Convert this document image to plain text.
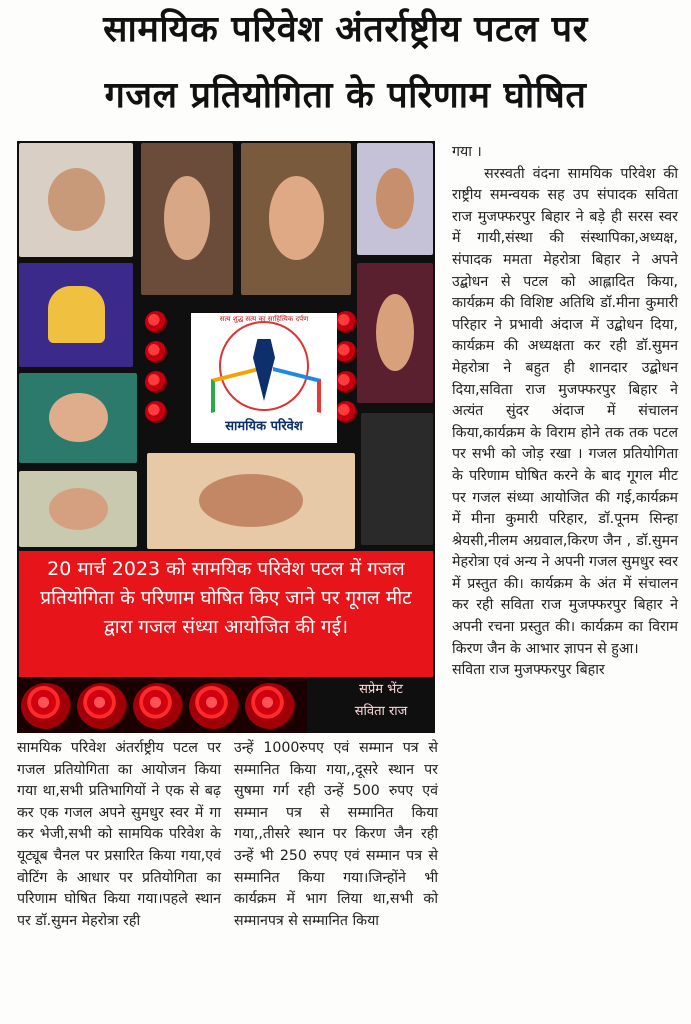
सामयिक परिवेश अंतर्राष्ट्रीय पटल पर
गजल प्रतियोगिता के परिणाम घोषित
सत्य शुद्ध सत्य का साहित्यिक दर्पण
सामयिक परिवेश
20 मार्च 2023 को सामयिक परिवेश पटल में गजल प्रतियोगिता के परिणाम घोषित किए जाने पर गूगल मीट द्वारा गजल संध्या आयोजित की गई।
सप्रेम भेंट
सविता राज
गया ।
सरस्वती वंदना सामयिक परिवेश की राष्ट्रीय समन्वयक सह उप संपादक सविता राज मुजफ्फरपुर बिहार ने बड़े ही सरस स्वर में गायी,संस्था की संस्थापिका,अध्यक्ष, संपादक ममता मेहरोत्रा बिहार ने अपने उद्बोधन से पटल को आह्लादित किया, कार्यक्रम की विशिष्ट अतिथि डॉ.मीना कुमारी परिहार ने प्रभावी अंदाज में उद्बोधन दिया, कार्यक्रम की अध्यक्षता कर रही डॉ.सुमन मेहरोत्रा ने बहुत ही शानदार उद्बोधन दिया,सविता राज मुजफ्फरपुर बिहार ने अत्यंत सुंदर अंदाज में संचालन किया,कार्यक्रम के विराम होने तक तक पटल पर सभी को जोड़ रखा । गजल प्रतियोगिता के परिणाम घोषित करने के बाद गूगल मीट पर गजल संध्या आयोजित की गई,कार्यक्रम में मीना कुमारी परिहार, डॉ.पूनम सिन्हा श्रेयसी,नीलम अग्रवाल,किरण जैन , डॉ.सुमन मेहरोत्रा एवं अन्य ने अपनी गजल सुमधुर स्वर में प्रस्तुत की। कार्यक्रम के अंत में संचालन कर रही सविता राज मुजफ्फरपुर बिहार ने अपनी रचना प्रस्तुत की। कार्यक्रम का विराम किरण जैन के आभार ज्ञापन से हुआ।
सविता राज मुजफ्फरपुर बिहार
सामयिक परिवेश अंतर्राष्ट्रीय पटल पर गजल प्रतियोगिता का आयोजन किया गया था,सभी प्रतिभागियों ने एक से बढ़ कर एक गजल अपने सुमधुर स्वर में गा कर भेजी,सभी को सामयिक परिवेश के यूट्यूब चैनल पर प्रसारित किया गया,एवं वोटिंग के आधार पर प्रतियोगिता का परिणाम घोषित किया गया।पहले स्थान पर डॉ.सुमन मेहरोत्रा रही
उन्हें 1000रुपए एवं सम्मान पत्र से सम्मानित किया गया,,दूसरे स्थान पर सुषमा गर्ग रही उन्हें 500 रुपए एवं सम्मान पत्र से सम्मानित किया गया,,तीसरे स्थान पर किरण जैन रही उन्हें भी 250 रुपए एवं सम्मान पत्र से सम्मानित किया गया।जिन्होंने भी कार्यक्रम में भाग लिया था,सभी को सम्मानपत्र से सम्मानित किया
